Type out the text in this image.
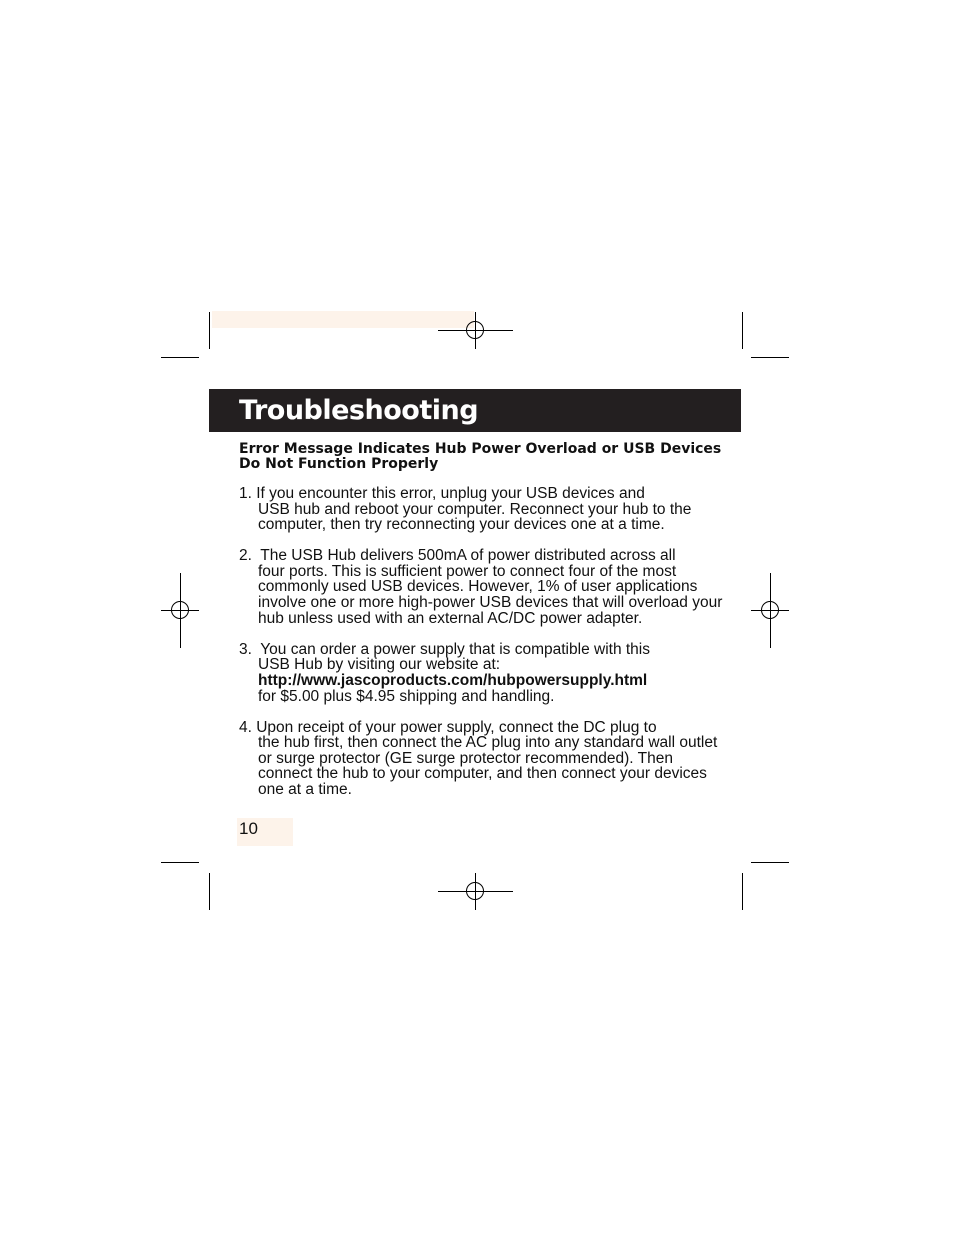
Troubleshooting
Error Message Indicates Hub Power Overload or USB Devices Do Not Function Properly
1. If you encounter this error, unplug your USB devices and
USB hub and reboot your computer. Reconnect your hub to the computer, then try reconnecting your devices one at a time.
2.  The USB Hub delivers 500mA of power distributed across all
four ports. This is sufficient power to connect four of the most commonly used USB devices. However, 1% of user applications involve one or more high-power USB devices that will overload your hub unless used with an external AC/DC power adapter.
3.  You can order a power supply that is compatible with this
USB Hub by visiting our website at:
http://www.jascoproducts.com/hubpowersupply.html
for $5.00 plus $4.95 shipping and handling.
4. Upon receipt of your power supply, connect the DC plug to
the hub first, then connect the AC plug into any standard wall outlet or surge protector (GE surge protector recommended). Then connect the hub to your computer, and then connect your devices one at a time.
10
